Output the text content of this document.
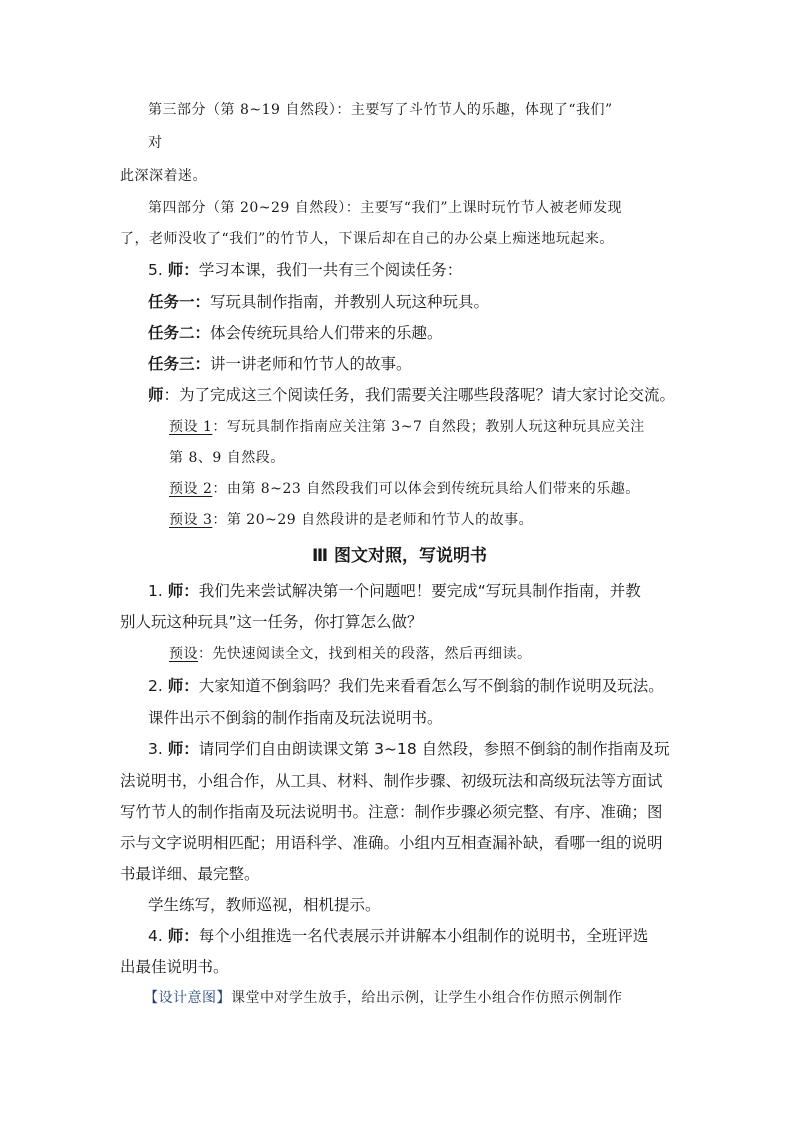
第三部分（第 8~19 自然段）：主要写了斗竹节人的乐趣，体现了“我们”
对
此深深着迷。
第四部分（第 20~29 自然段）：主要写“我们”上课时玩竹节人被老师发现
了，老师没收了“我们”的竹节人，下课后却在自己的办公桌上痴迷地玩起来。
5. 师：学习本课，我们一共有三个阅读任务：
任务一：写玩具制作指南，并教别人玩这种玩具。
任务二：体会传统玩具给人们带来的乐趣。
任务三：讲一讲老师和竹节人的故事。
师：为了完成这三个阅读任务，我们需要关注哪些段落呢？请大家讨论交流。
预设 1：写玩具制作指南应关注第 3~7 自然段；教别人玩这种玩具应关注
第 8、9 自然段。
预设 2：由第 8~23 自然段我们可以体会到传统玩具给人们带来的乐趣。
预设 3：第 20~29 自然段讲的是老师和竹节人的故事。
Ⅲ 图文对照，写说明书
1. 师：我们先来尝试解决第一个问题吧！要完成“写玩具制作指南，并教
别人玩这种玩具”这一任务，你打算怎么做？
预设：先快速阅读全文，找到相关的段落，然后再细读。
2. 师：大家知道不倒翁吗？我们先来看看怎么写不倒翁的制作说明及玩法。
课件出示不倒翁的制作指南及玩法说明书。
3. 师：请同学们自由朗读课文第 3~18 自然段，参照不倒翁的制作指南及玩
法说明书，小组合作，从工具、材料、制作步骤、初级玩法和高级玩法等方面试
写竹节人的制作指南及玩法说明书。注意：制作步骤必须完整、有序、准确；图
示与文字说明相匹配；用语科学、准确。小组内互相查漏补缺，看哪一组的说明
书最详细、最完整。
学生练写，教师巡视，相机提示。
4. 师：每个小组推选一名代表展示并讲解本小组制作的说明书，全班评选
出最佳说明书。
【设计意图】课堂中对学生放手，给出示例，让学生小组合作仿照示例制作
